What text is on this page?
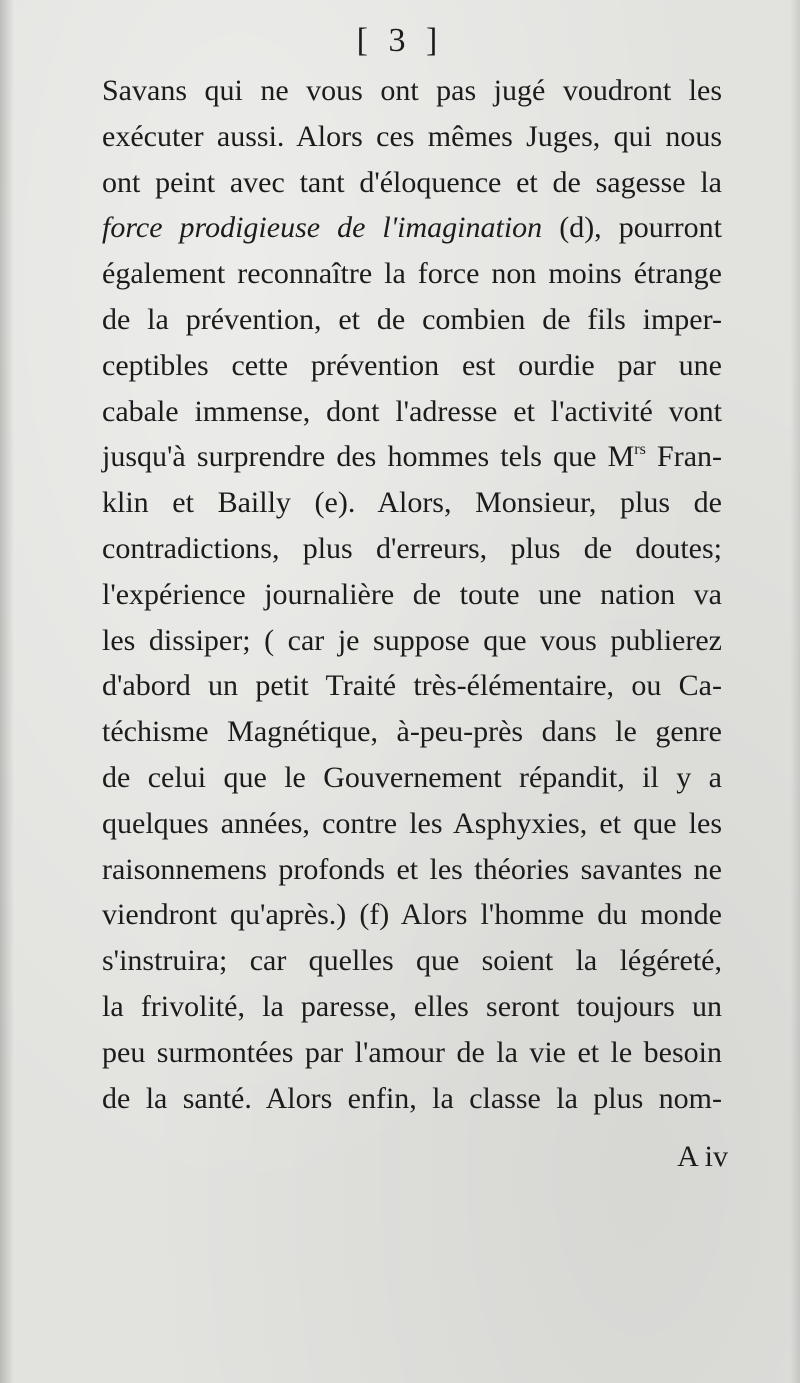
[ 3 ]
Savans qui ne vous ont pas jugé voudront les
exécuter aussi. Alors ces mêmes Juges, qui nous
ont peint avec tant d'éloquence et de sagesse la
force prodigieuse de l'imagination (d), pourront
également reconnaître la force non moins étrange
de la prévention, et de combien de fils imper-
ceptibles cette prévention est ourdie par une
cabale immense, dont l'adresse et l'activité vont
jusqu'à surprendre des hommes tels que $M^{rs}$ Fran-
klin et Bailly (e). Alors, Monsieur, plus de
contradictions, plus d'erreurs, plus de doutes;
l'expérience journalière de toute une nation va
les dissiper; ( car je suppose que vous publierez
d'abord un petit Traité très-élémentaire, ou Ca-
téchisme Magnétique, à-peu-près dans le genre
de celui que le Gouvernement répandit, il y a
quelques années, contre les Asphyxies, et que les
raisonnemens profonds et les théories savantes ne
viendront qu'après.) (f) Alors l'homme du monde
s'instruira; car quelles que soient la légéreté,
la frivolité, la paresse, elles seront toujours un
peu surmontées par l'amour de la vie et le besoin
de la santé. Alors enfin, la classe la plus nom-
A iv
